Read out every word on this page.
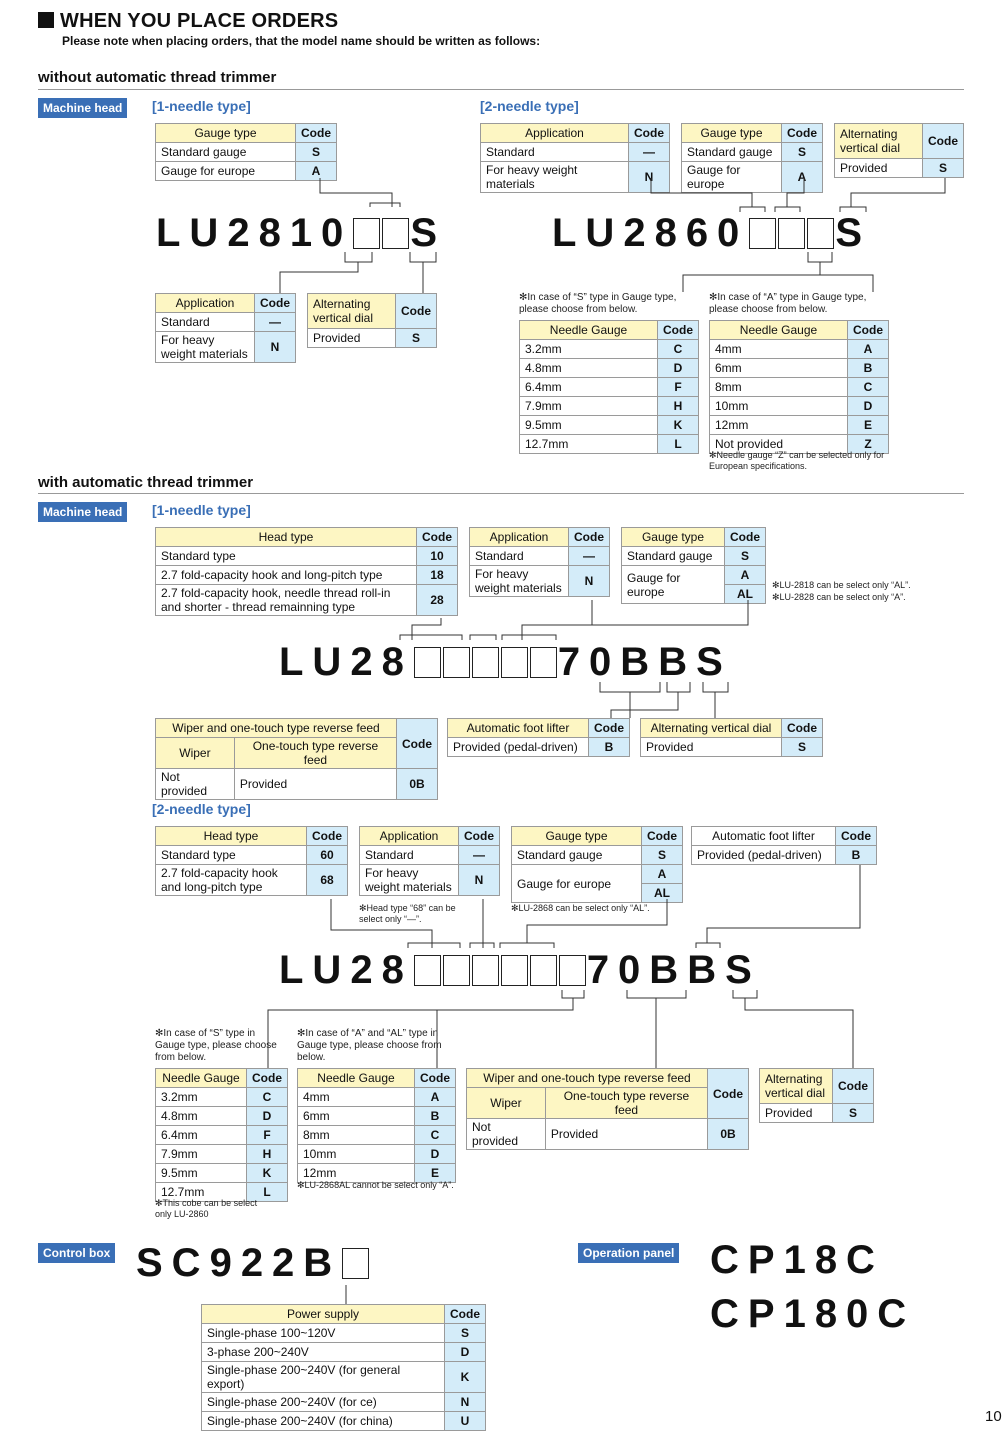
WHEN YOU PLACE ORDERS
Please note when placing orders, that the model name should be written as follows:
without automatic thread trimmer
Machine head	[1-needle type]	[2-needle type]
Gauge type	Code
Standard gauge	S
Gauge for europe	A
LU2810 S
Application	Code
Standard	—
For heavy weight materials	N
Alternating vertical dial	Code
Provided	S
Application	Code
Standard	—
For heavy weight materials	N
Gauge type	Code
Standard gauge	S
Gauge for europe	A
Alternating vertical dial	Code
Provided	S
LU2860 S
✻In case of “S” type in Gauge type, please choose from below.
✻In case of “A” type in Gauge type, please choose from below.
Needle Gauge	Code
3.2mm	C
4.8mm	D
6.4mm	F
7.9mm	H
9.5mm	K
12.7mm	L
Needle Gauge	Code
4mm	A
6mm	B
8mm	C
10mm	D
12mm	E
Not provided	Z
✻Needle gauge “Z” can be selected only for European specifications.
with automatic thread trimmer
Machine head	[1-needle type]
Head type	Code
Standard type	10
2.7 fold-capacity hook and long-pitch type	18
2.7 fold-capacity hook, needle thread roll-in and shorter - thread remainning type	28
Application	Code
Standard	—
For heavy weight materials	N
Gauge type	Code
Standard gauge	S
Gauge for europe	A
	AL
✻LU-2818 can be select only “AL”.
✻LU-2828 can be select only “A”.
LU28	70BBS
Wiper and one-touch type reverse feed		Code
Wiper	One-touch type reverse feed	
Not provided	Provided	0B
Automatic foot lifter	Code
Provided (pedal-driven)	B
Alternating vertical dial	Code
Provided	S
[2-needle type]
Head type	Code
Standard type	60
2.7 fold-capacity hook and long-pitch type	68
Application	Code
Standard	—
For heavy weight materials	N
✻Head type “68” can be select only “—”.
Gauge type	Code
Standard gauge	S
Gauge for europe	A
	AL
✻LU-2868 can be select only “AL”.
Automatic foot lifter	Code
Provided (pedal-driven)	B
LU28	70BBS
✻In case of “S” type in Gauge type, please choose from below.
✻In case of “A” and “AL” type in Gauge type, please choose from below.
Needle Gauge	Code
3.2mm	C
4.8mm	D
6.4mm	F
7.9mm	H
9.5mm	K
12.7mm	L
✻This cobe can be select only LU-2860
Needle Gauge	Code
4mm	A
6mm	B
8mm	C
10mm	D
12mm	E
✻LU-2868AL cannot be select only “A”.
Wiper and one-touch type reverse feed		Code
Wiper	One-touch type reverse feed	
Not provided	Provided	0B
Alternating vertical dial	Code
Provided	S
Control box SC922B
Power supply	Code
Single-phase 100~120V	S
3-phase 200~240V	D
Single-phase 200~240V (for general export)	K
Single-phase 200~240V (for ce)	N
Single-phase 200~240V (for china)	U
Operation panel CP18C
CP180C
10
